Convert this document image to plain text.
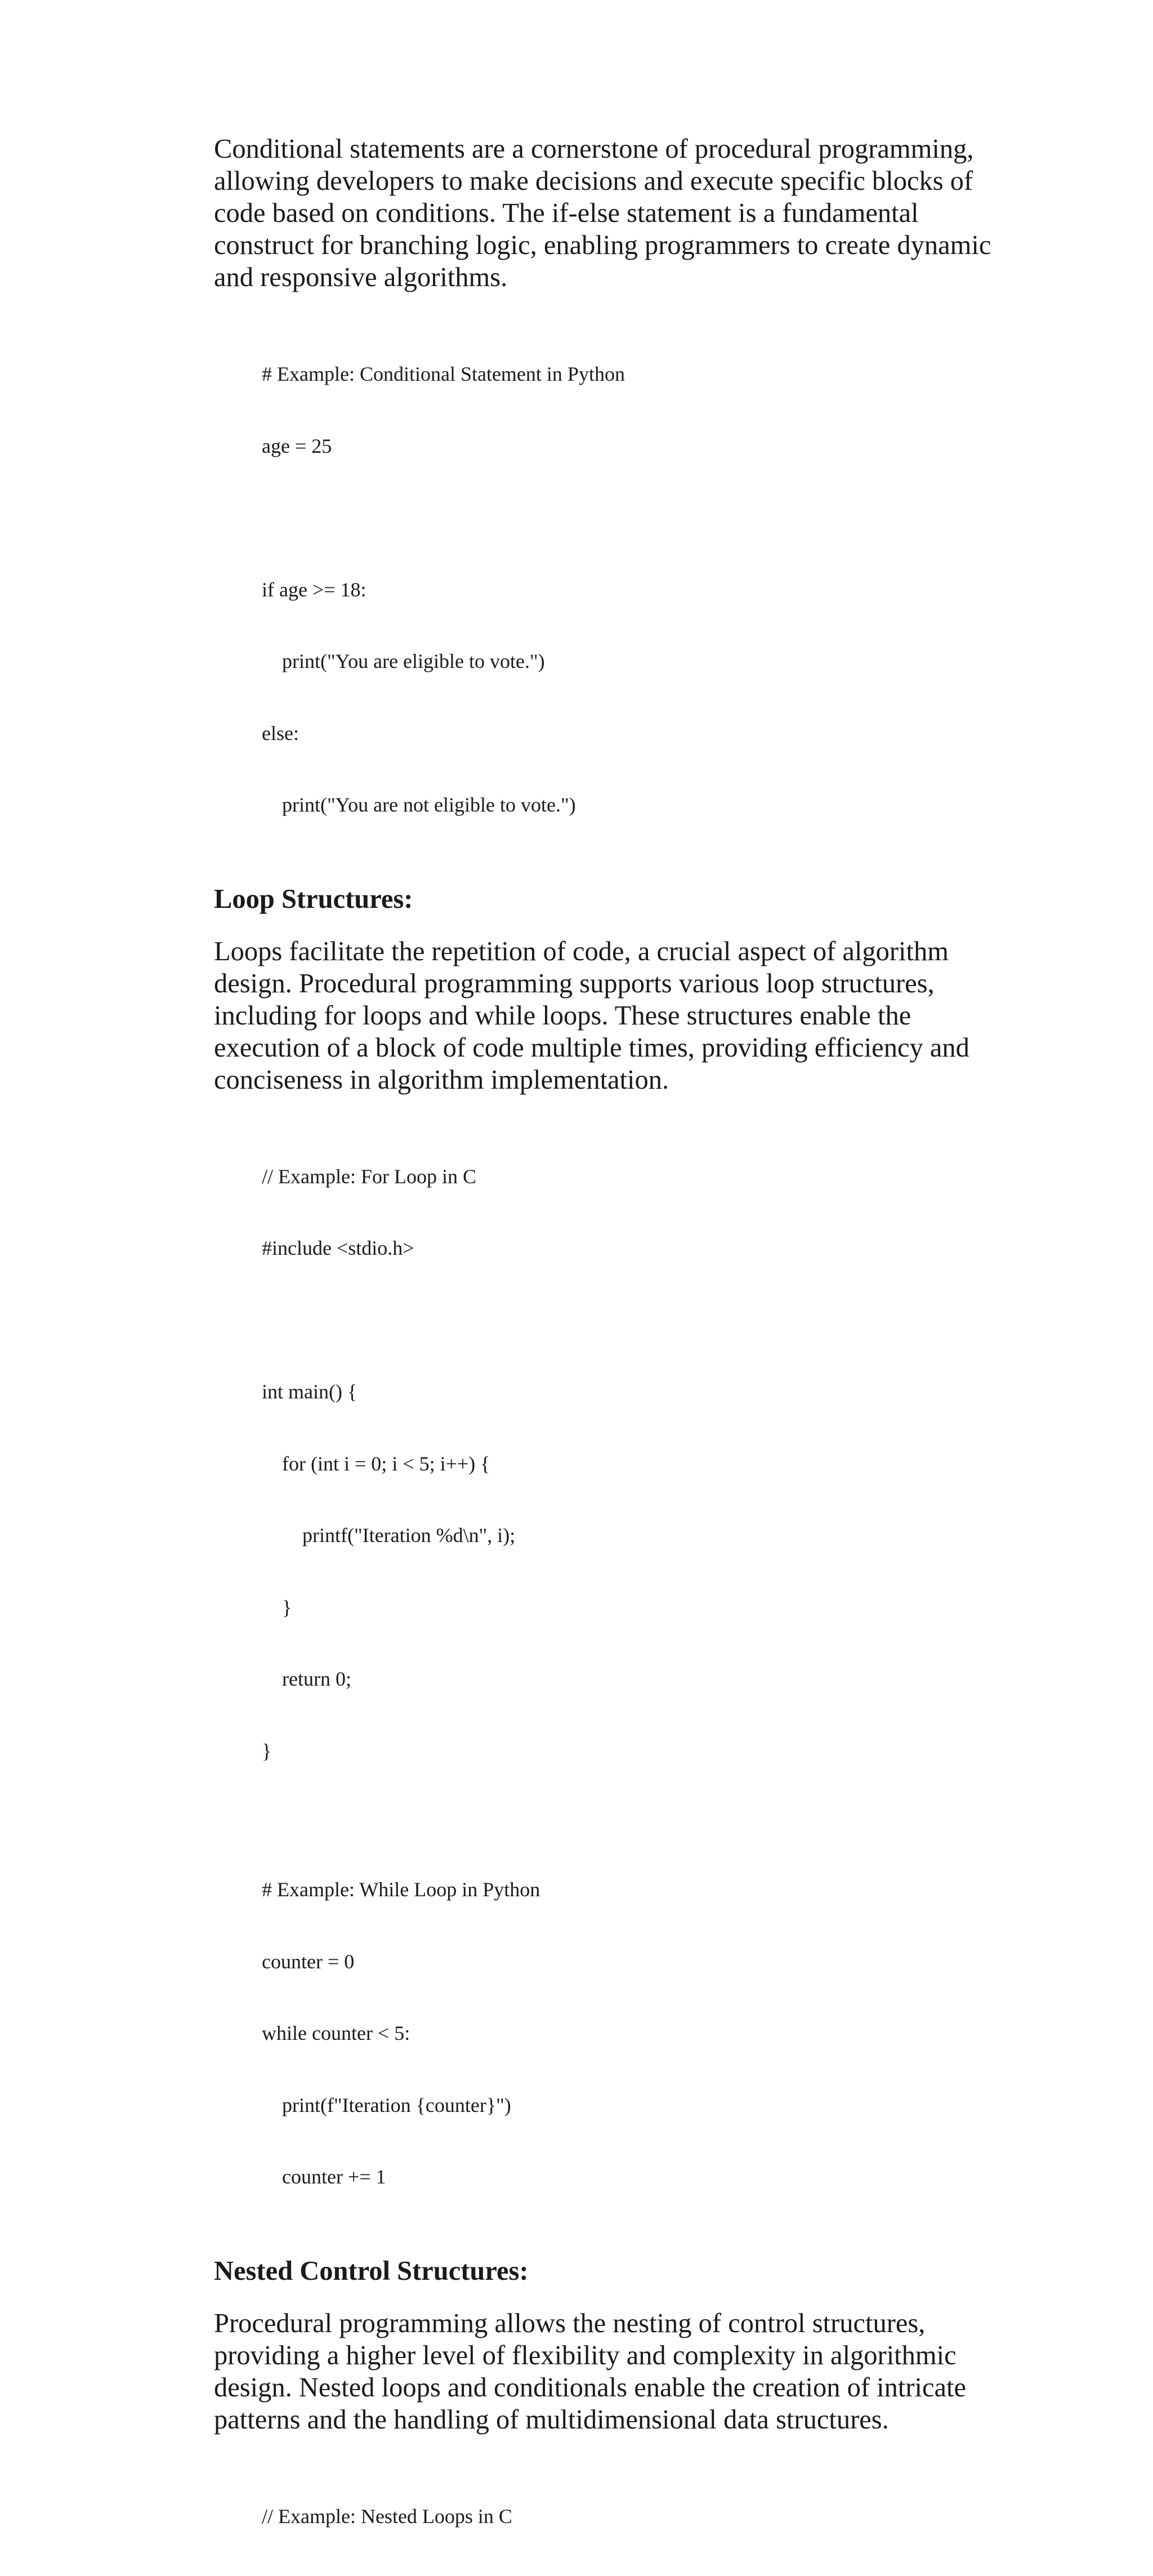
Conditional statements are a cornerstone of procedural programming, allowing developers to make decisions and execute specific blocks of code based on conditions. The if-else statement is a fundamental construct for branching logic, enabling programmers to create dynamic and responsive algorithms.

# Example: Conditional Statement in Python

age = 25

if age >= 18:

print("You are eligible to vote.")

else:

print("You are not eligible to vote.")

Loop Structures:

Loops facilitate the repetition of code, a crucial aspect of algorithm design. Procedural programming supports various loop structures, including for loops and while loops. These structures enable the execution of a block of code multiple times, providing efficiency and conciseness in algorithm implementation.

// Example: For Loop in C

#include <stdio.h>

int main() {

for (int i = 0; i < 5; i++) {

printf("Iteration %d\n", i);

}

return 0;

}

# Example: While Loop in Python

counter = 0

while counter < 5:

print(f"Iteration {counter}")

counter += 1

Nested Control Structures:

Procedural programming allows the nesting of control structures, providing a higher level of flexibility and complexity in algorithmic design. Nested loops and conditionals enable the creation of intricate patterns and the handling of multidimensional data structures.

// Example: Nested Loops in C
